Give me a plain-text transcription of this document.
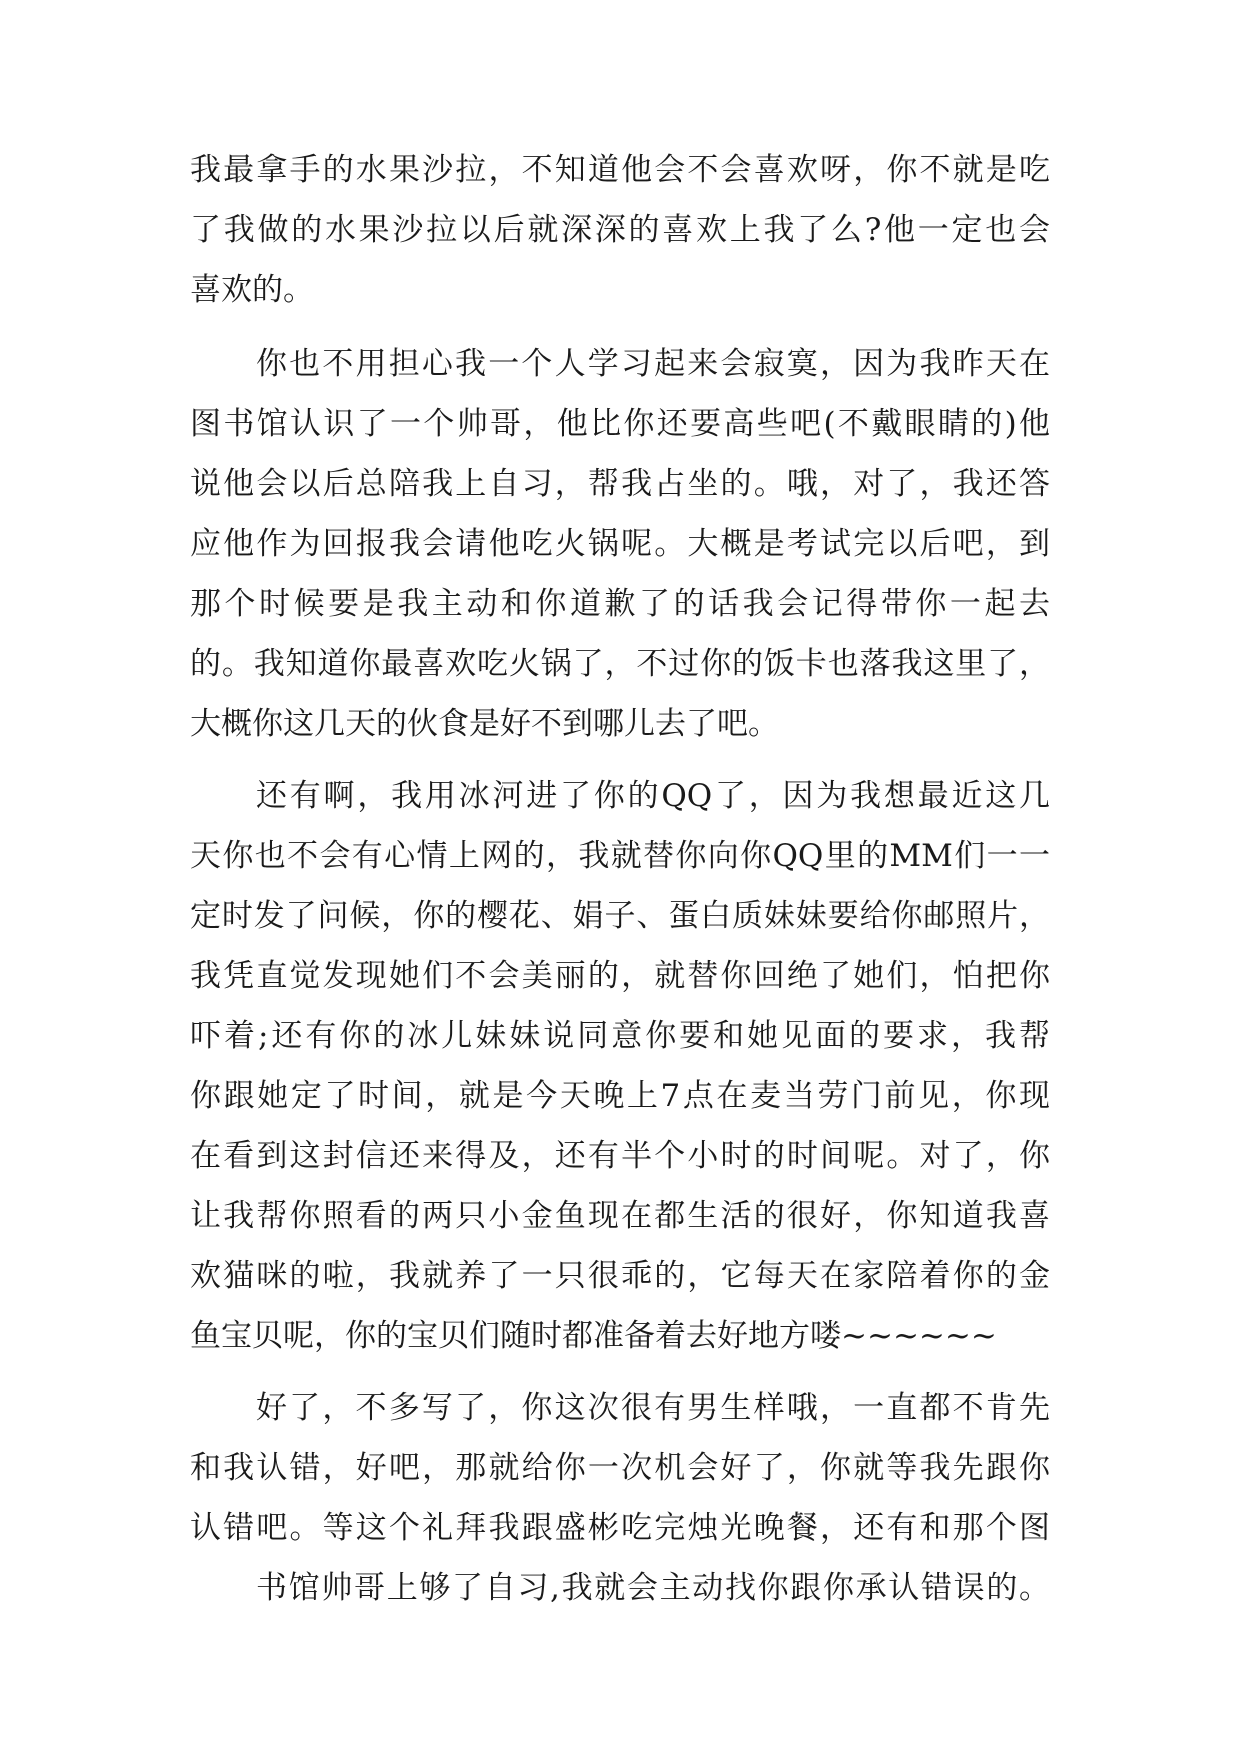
我最拿手的水果沙拉，不知道他会不会喜欢呀，你不就是吃
了我做的水果沙拉以后就深深的喜欢上我了么?他一定也会
喜欢的。
你也不用担心我一个人学习起来会寂寞，因为我昨天在
图书馆认识了一个帅哥，他比你还要高些吧(不戴眼睛的)他
说他会以后总陪我上自习，帮我占坐的。哦，对了，我还答
应他作为回报我会请他吃火锅呢。大概是考试完以后吧，到
那个时候要是我主动和你道歉了的话我会记得带你一起去
的。我知道你最喜欢吃火锅了，不过你的饭卡也落我这里了，
大概你这几天的伙食是好不到哪儿去了吧。
还有啊，我用冰河进了你的QQ了，因为我想最近这几
天你也不会有心情上网的，我就替你向你QQ里的MM们一一
定时发了问候，你的樱花、娟子、蛋白质妹妹要给你邮照片，
我凭直觉发现她们不会美丽的，就替你回绝了她们，怕把你
吓着;还有你的冰儿妹妹说同意你要和她见面的要求，我帮
你跟她定了时间，就是今天晚上7点在麦当劳门前见，你现
在看到这封信还来得及，还有半个小时的时间呢。对了，你
让我帮你照看的两只小金鱼现在都生活的很好，你知道我喜
欢猫咪的啦，我就养了一只很乖的，它每天在家陪着你的金
鱼宝贝呢，你的宝贝们随时都准备着去好地方喽~~~~~~
好了，不多写了，你这次很有男生样哦，一直都不肯先
和我认错，好吧，那就给你一次机会好了，你就等我先跟你
认错吧。等这个礼拜我跟盛彬吃完烛光晚餐，还有和那个图
书馆帅哥上够了自习,我就会主动找你跟你承认错误的。
